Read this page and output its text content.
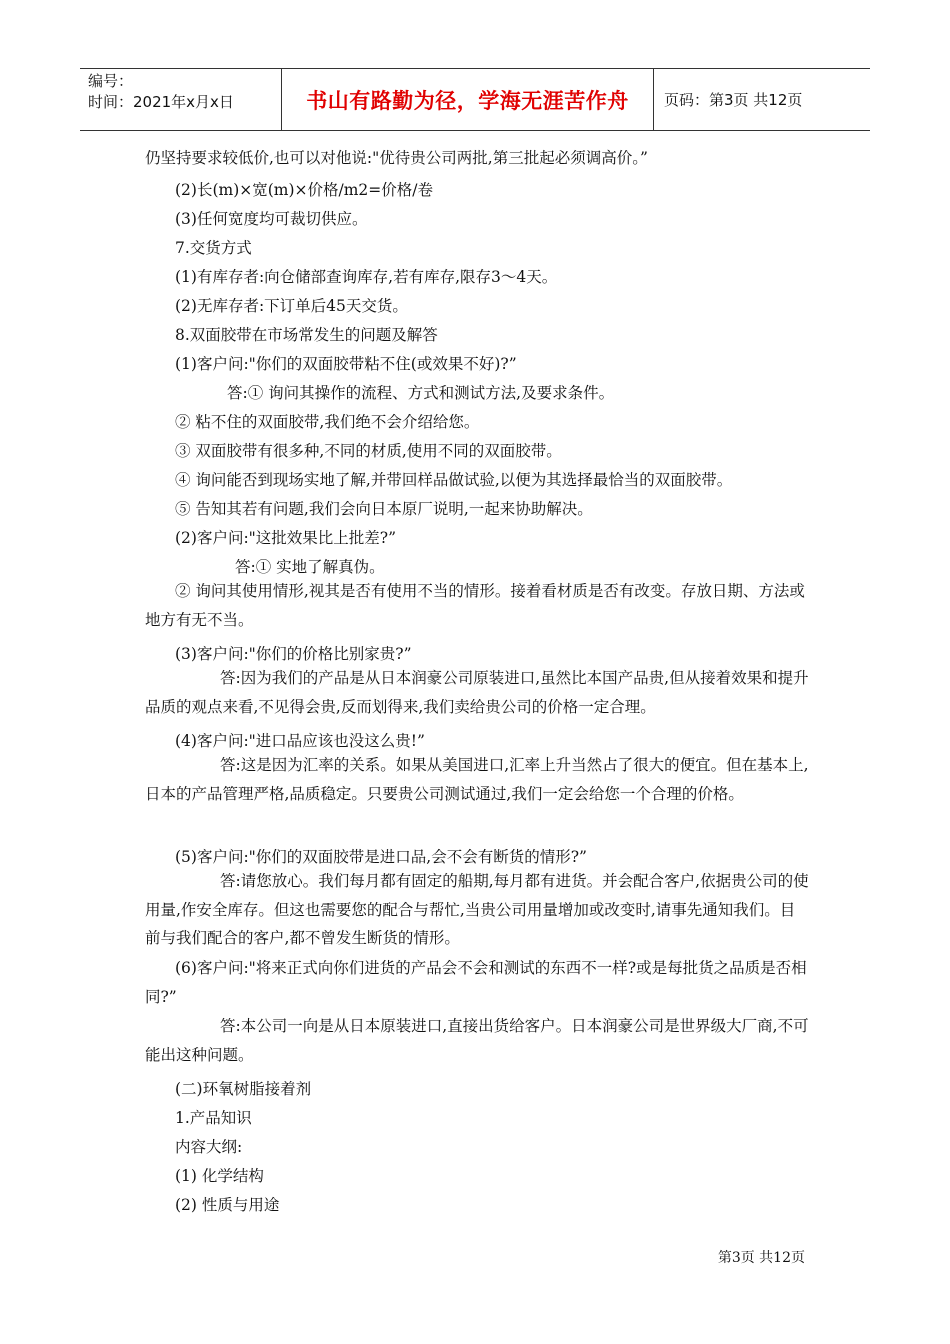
编号：
时间：2021年x月x日	书山有路勤为径，学海无涯苦作舟 页码：第3页 共12页
仍坚持要求较低价,也可以对他说:"优待贵公司两批,第三批起必须调高价。”
(2)长(m)×宽(m)×价格/m2=价格/卷
(3)任何宽度均可裁切供应。
7.交货方式
(1)有库存者:向仓储部查询库存,若有库存,限存3～4天。
(2)无库存者:下订单后45天交货。
8.双面胶带在市场常发生的问题及解答
(1)客户问:"你们的双面胶带粘不住(或效果不好)?”
答:① 询问其操作的流程、方式和测试方法,及要求条件。
② 粘不住的双面胶带,我们绝不会介绍给您。
③ 双面胶带有很多种,不同的材质,使用不同的双面胶带。
④ 询问能否到现场实地了解,并带回样品做试验,以便为其选择最恰当的双面胶带。
⑤ 告知其若有问题,我们会向日本原厂说明,一起来协助解决。
(2)客户问:"这批效果比上批差?”
答:① 实地了解真伪。
② 询问其使用情形,视其是否有使用不当的情形。接着看材质是否有改变。存放日期、方法或地方有无不当。
(3)客户问:"你们的价格比别家贵?”
答:因为我们的产品是从日本润豪公司原装进口,虽然比本国产品贵,但从接着效果和提升品质的观点来看,不见得会贵,反而划得来,我们卖给贵公司的价格一定合理。
(4)客户问:"进口品应该也没这么贵!”
答:这是因为汇率的关系。如果从美国进口,汇率上升当然占了很大的便宜。但在基本上,日本的产品管理严格,品质稳定。只要贵公司测试通过,我们一定会给您一个合理的价格。
(5)客户问:"你们的双面胶带是进口品,会不会有断货的情形?”
答:请您放心。我们每月都有固定的船期,每月都有进货。并会配合客户,依据贵公司的使用量,作安全库存。但这也需要您的配合与帮忙,当贵公司用量增加或改变时,请事先通知我们。目前与我们配合的客户,都不曾发生断货的情形。
(6)客户问:"将来正式向你们进货的产品会不会和测试的东西不一样?或是每批货之品质是否相同?”
答:本公司一向是从日本原装进口,直接出货给客户。日本润豪公司是世界级大厂商,不可能出这种问题。
(二)环氧树脂接着剂
1.产品知识
内容大纲:
(1) 化学结构
(2) 性质与用途
第3页 共12页
